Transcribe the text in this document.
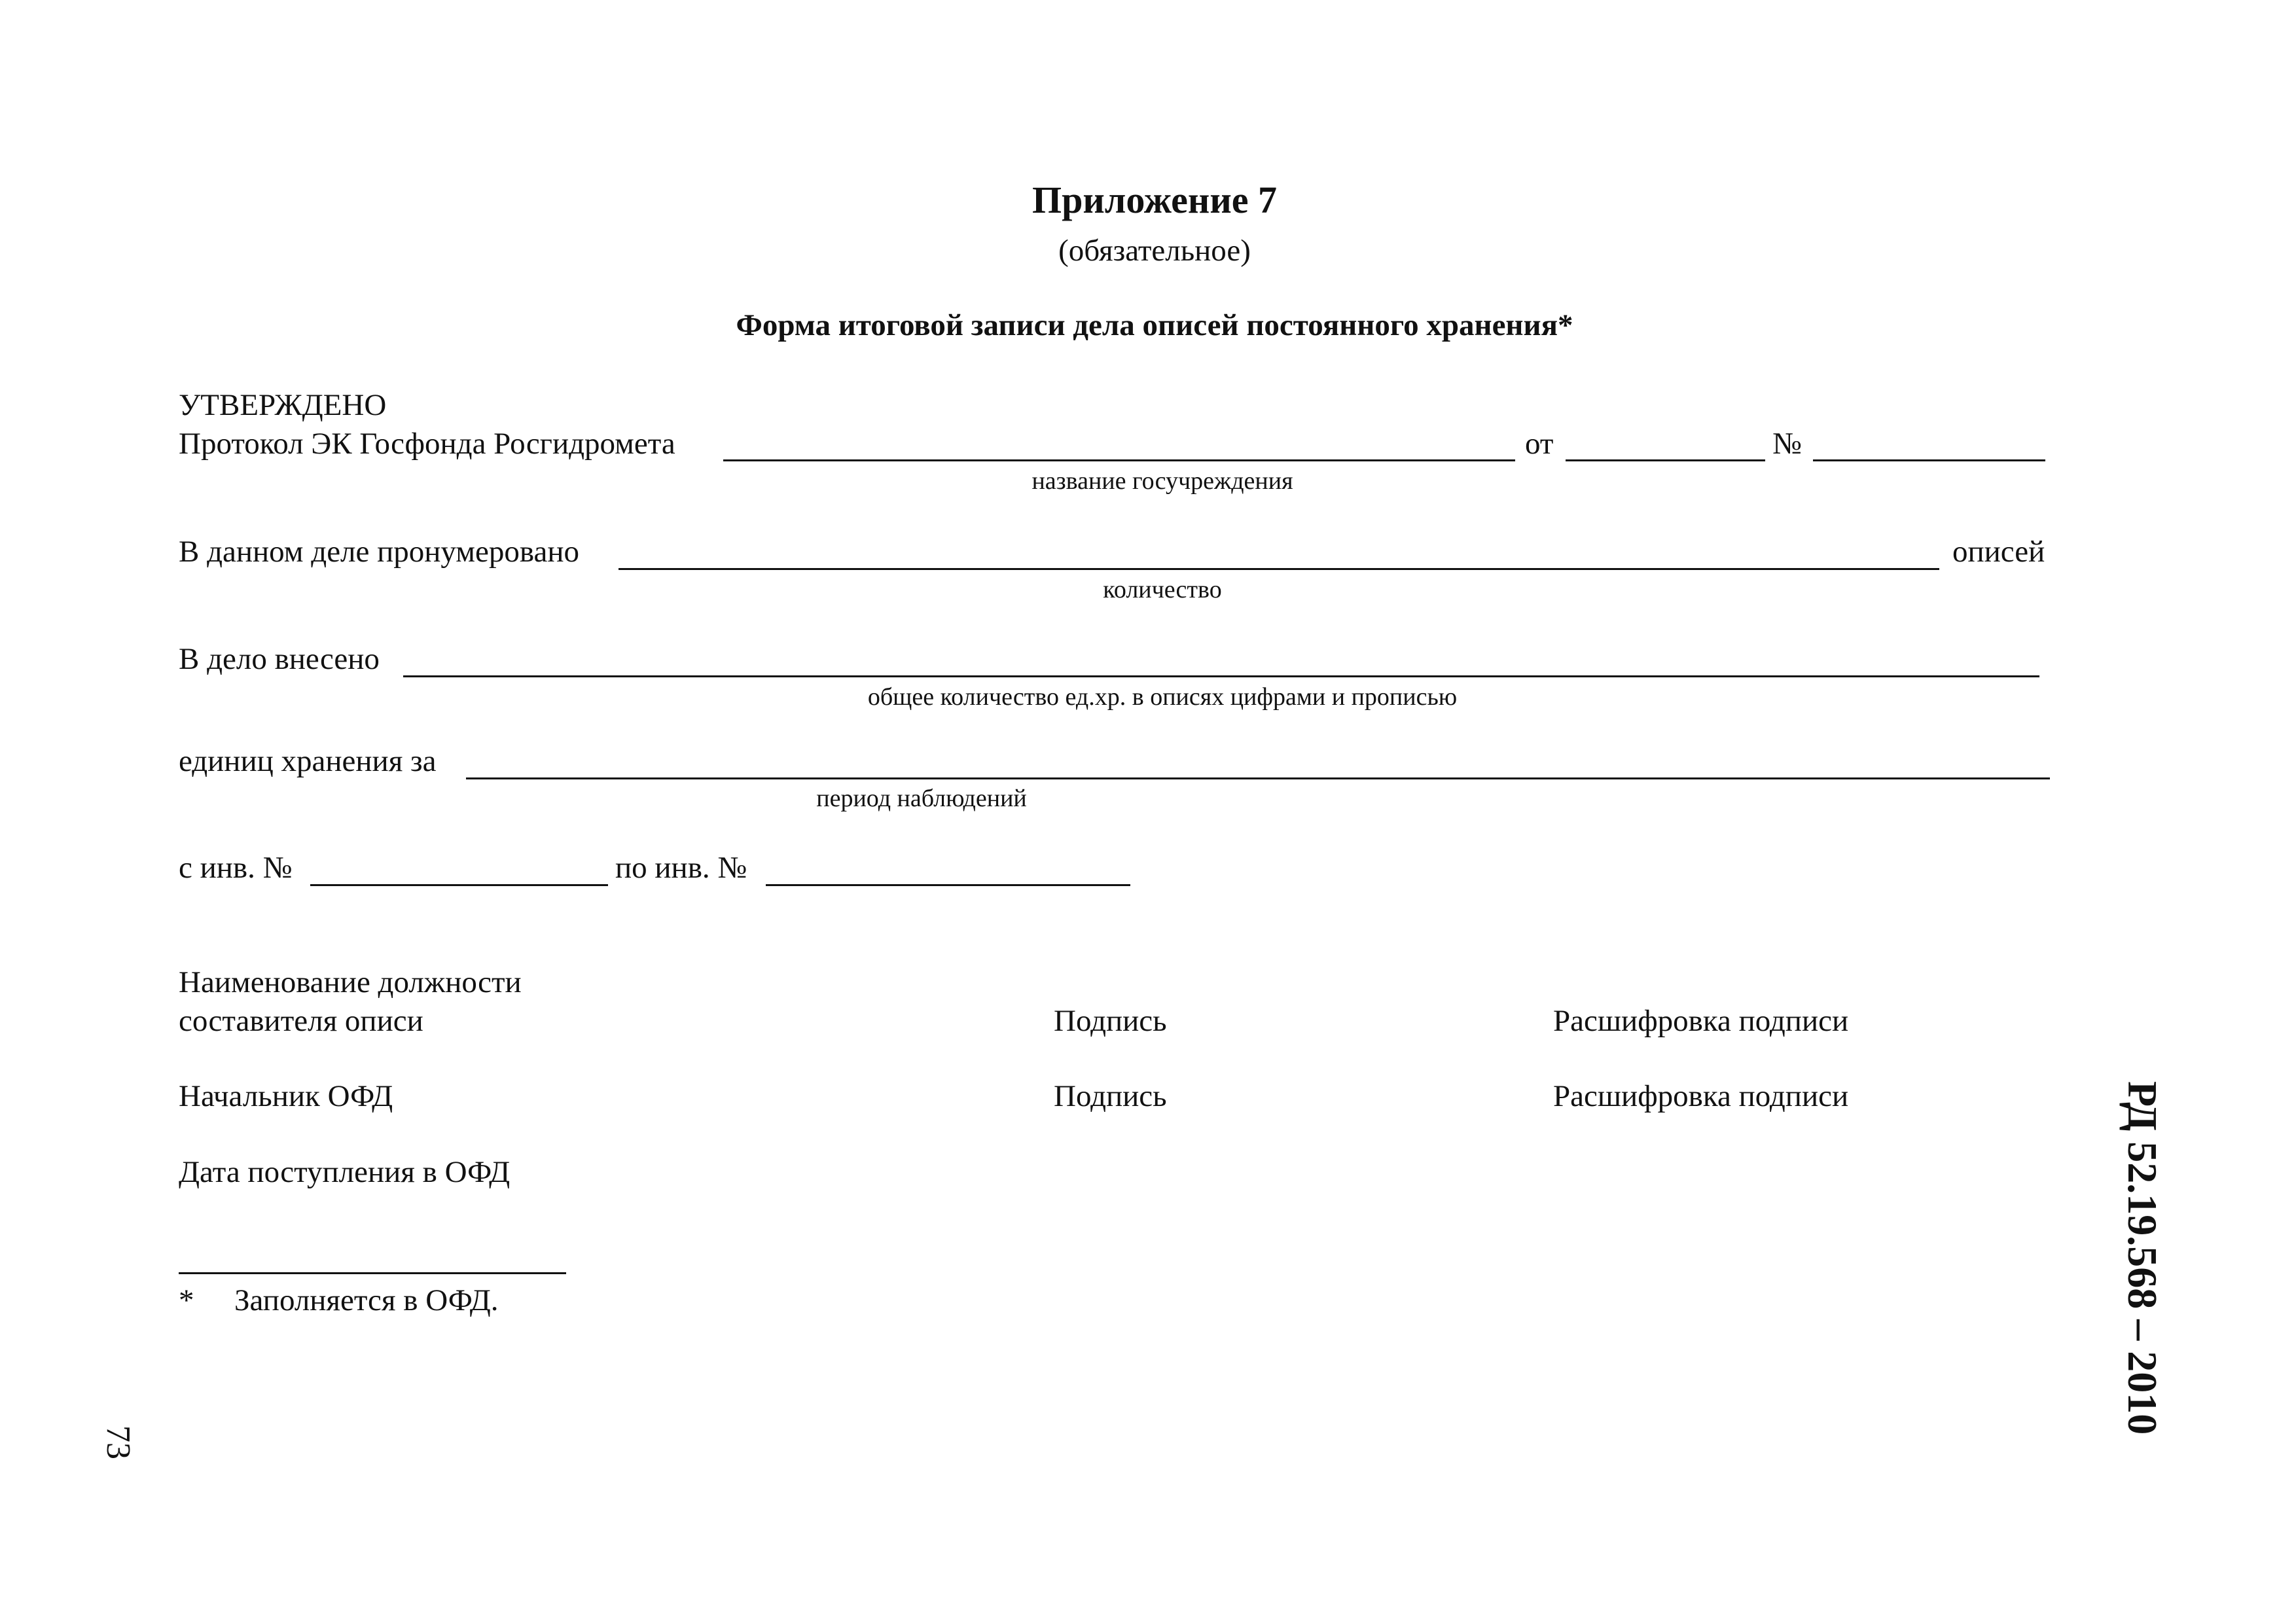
Приложение 7
(обязательное)
Форма итоговой записи дела описей постоянного хранения*
УТВЕРЖДЕНО
Протокол ЭК Госфонда Росгидромета	от	№
название госучреждения
В данном деле пронумеровано	описей
количество
В дело внесено
общее количество ед.хр. в описях цифрами и прописью
единиц хранения за
период наблюдений
с инв. №	по инв. №
Наименование должности
составителя описи	Подпись	Расшифровка подписи
Начальник ОФД	Подпись	Расшифровка подписи
Дата поступления в ОФД
* Заполняется в ОФД.	РД 52.19.568 – 2010
73
